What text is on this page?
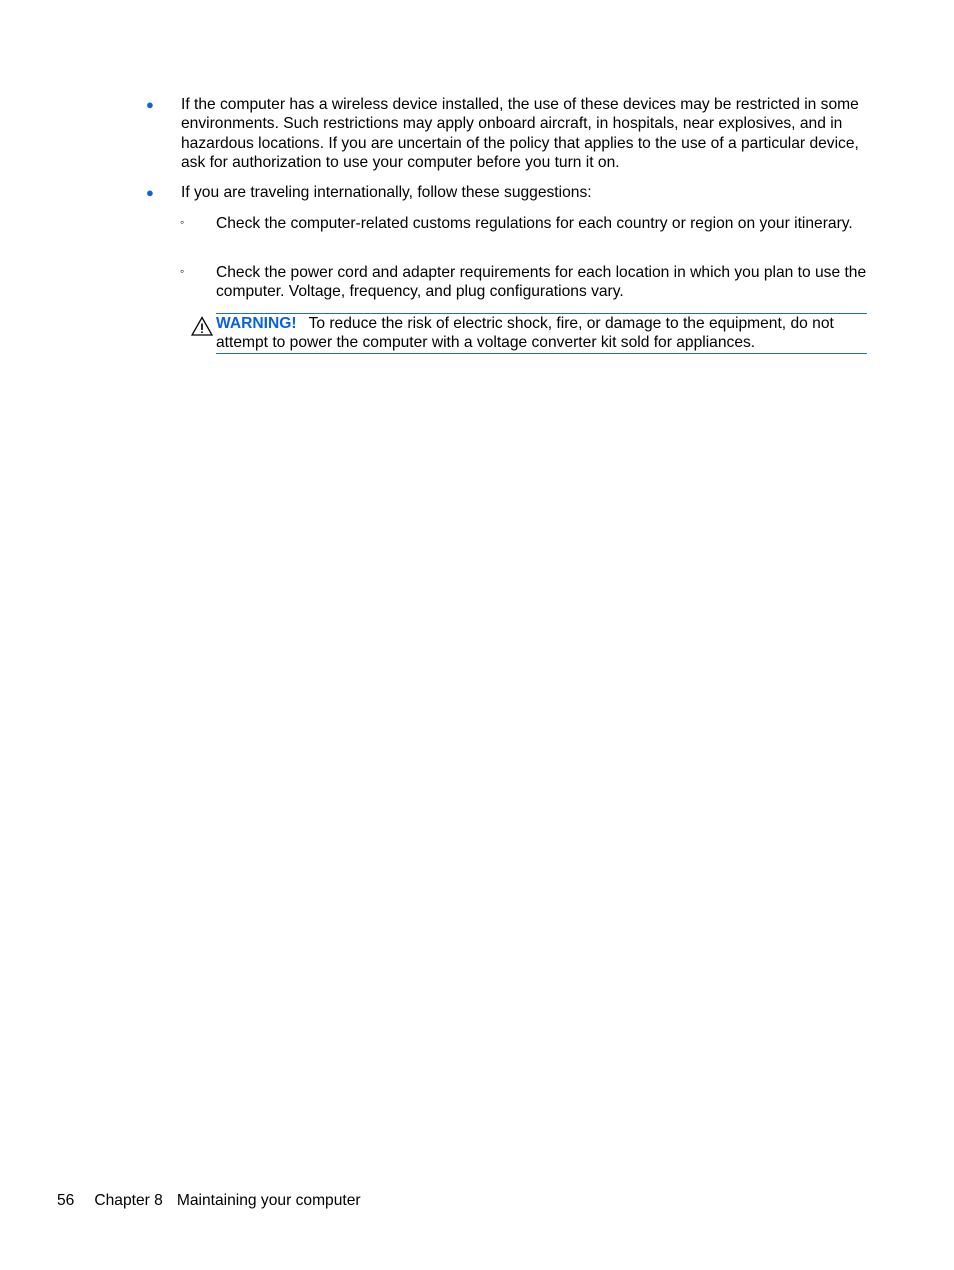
● If the computer has a wireless device installed, the use of these devices may be restricted in some environments. Such restrictions may apply onboard aircraft, in hospitals, near explosives, and in hazardous locations. If you are uncertain of the policy that applies to the use of a particular device, ask for authorization to use your computer before you turn it on.
● If you are traveling internationally, follow these suggestions:
◦ Check the computer-related customs regulations for each country or region on your itinerary.
◦ Check the power cord and adapter requirements for each location in which you plan to use the computer. Voltage, frequency, and plug configurations vary.
WARNING! To reduce the risk of electric shock, fire, or damage to the equipment, do not attempt to power the computer with a voltage converter kit sold for appliances.
56 Chapter 8 Maintaining your computer
